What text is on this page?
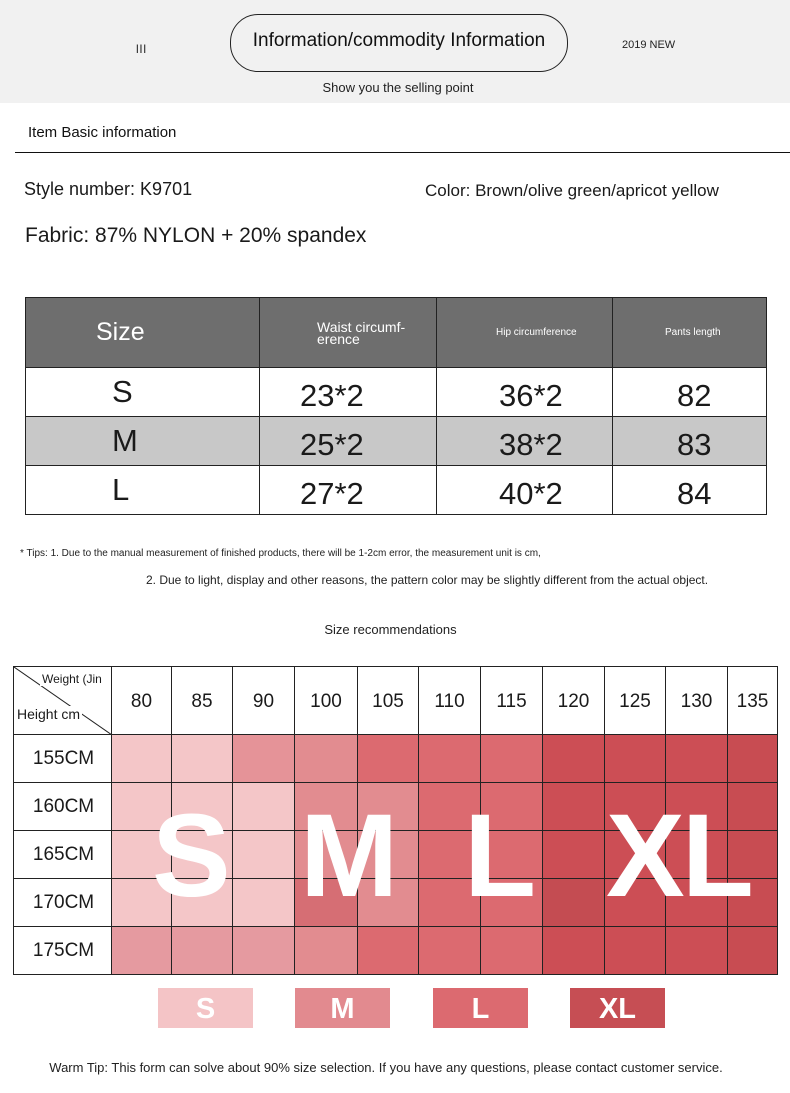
lll	Information/commodity Information	2019 NEW
Show you the selling point
Item Basic information
Style number: K9701	Color: Brown/olive green/apricot yellow
Fabric: 87% NYLON + 20% spandex
Size	Waist circumf-
erence	Hip circumference	Pants length
S	23*2	36*2	82
M	25*2	38*2	83
L	27*2	40*2	84
* Tips: 1. Due to the manual measurement of finished products, there will be 1-2cm error, the measurement unit is cm,
2. Due to light, display and other reasons, the pattern color may be slightly different from the actual object.
Size recommendations
Weight (Jin
Height cm	80	85	90	100	105	110	115	120	125	130	135
155CM											
160CM											
165CM											
170CM											
175CM											
S M L XL
S	M	L	XL
Warm Tip: This form can solve about 90% size selection. If you have any questions, please contact customer service.
